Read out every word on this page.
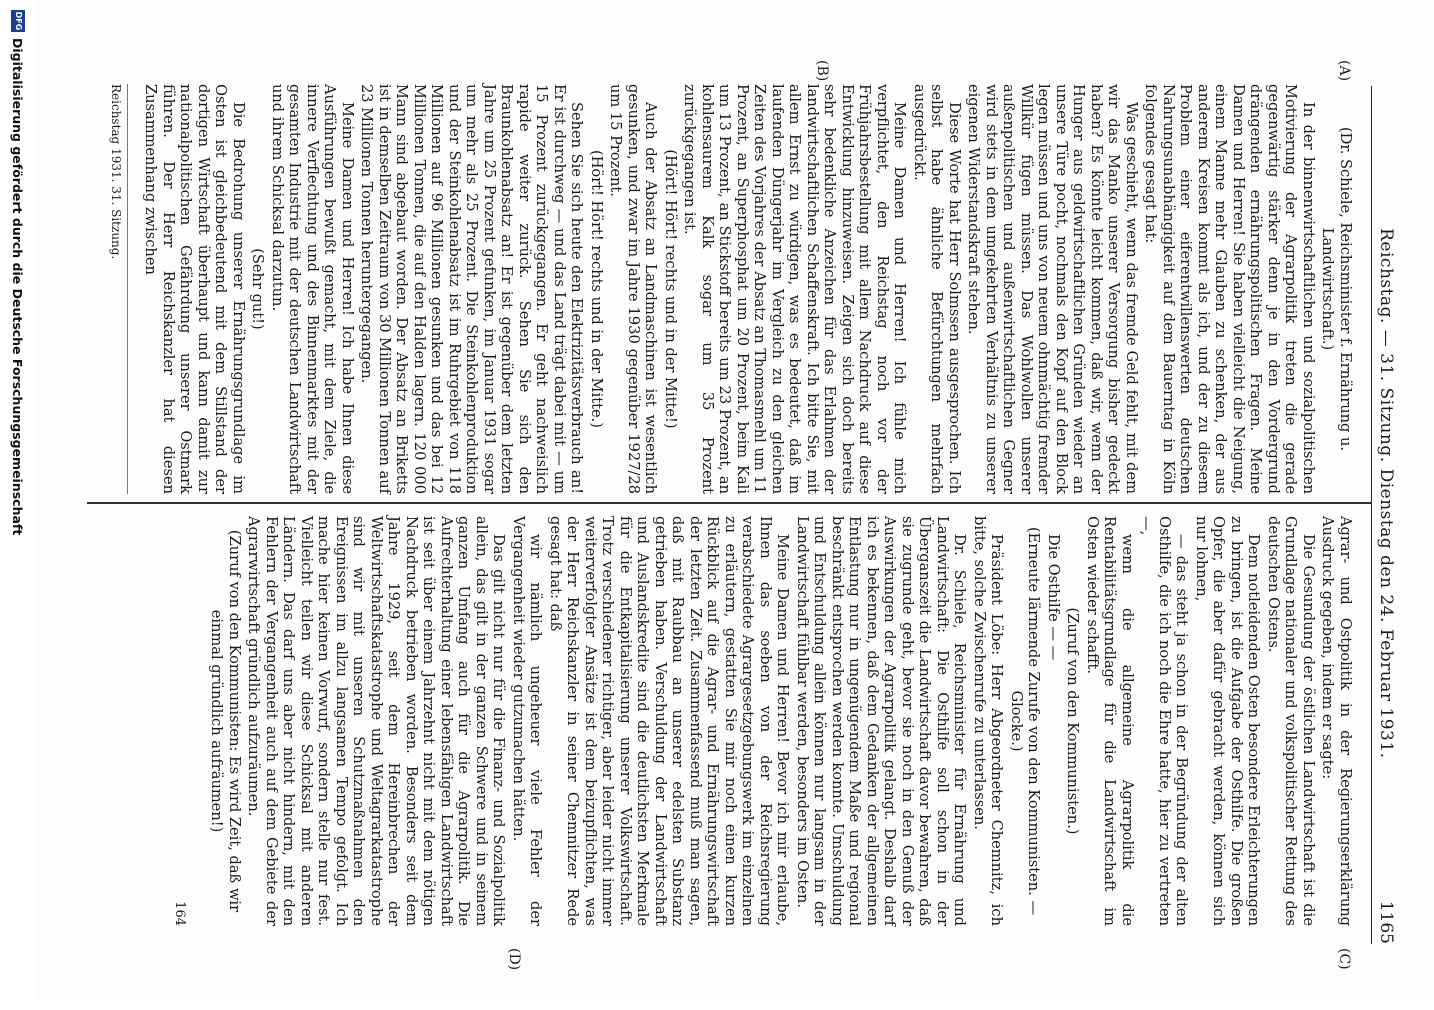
Reichstag. — 31. Sitzung. Dienstag den 24. Februar 1931.
1165
(A)
(B)
(C)
(D)

(Dr. Schiele, Reichsminister f. Ernährung u. Landwirtschaft.)

In der binnenwirtschaftlichen und sozialpolitischen Motivierung der Agrarpolitik treten die gerade gegenwärtig stärker denn je in den Vordergrund drängenden ernährungspolitischen Fragen. Meine Damen und Herren! Sie haben vielleicht die Neigung, einem Manne mehr Glauben zu schenken, der aus anderem Kreisen kommt als ich, und der zu diesem Problem einer eiferentwillenswerten deutschen Nahrungsunabhängigkeit auf dem Bauerntag in Köln folgendes gesagt hat:

Was geschieht, wenn das fremde Geld fehlt, mit dem wir das Manko unserer Versorgung bisher gedeckt haben? Es könnte leicht kommen, daß wir, wenn der Hunger aus geldwirtschaftlichen Gründen wieder an unsere Türe pocht, nochmals den Kopf auf den Block legen müssen und uns von neuem ohnmächtig fremder Willkür fügen müssen. Das Wohlwollen unserer außenpolitischen und außenwirtschaftlichen Gegner wird stets in dem umgekehrten Verhältnis zu unserer eigenen Widerstandskraft stehen.

Diese Worte hat Herr Solmssen ausgesprochen. Ich selbst habe ähnliche Befürchtungen mehrfach ausgedrückt.

Meine Damen und Herren! Ich fühle mich verpflichtet, den Reichstag noch vor der Frühjahrsbestellung mit allem Nachdruck auf diese Entwicklung hinzuweisen. Zeigen sich doch bereits sehr bedenkliche Anzeichen für das Erlahmen der landwirtschaftlichen Schaffenskraft. Ich bitte Sie, mit allem Ernst zu würdigen, was es bedeutet, daß im laufenden Düngerjahr im Vergleich zu den gleichen Zeiten des Vorjahres der Absatz an Thomasmehl um 11 Prozent, an Superphosphat um 20 Prozent, beim Kali um 13 Prozent, an Stickstoff bereits um 23 Prozent, an kohlensaurem Kalk sogar um 35 Prozent zurückgegangen ist.

(Hört! Hört! rechts und in der Mitte!)

Auch der Absatz an Landmaschinen ist wesentlich gesunken, und zwar im Jahre 1930 gegenüber 1927/28 um 15 Prozent.

(Hört! Hört! rechts und in der Mitte.)

Sehen Sie sich heute den Elektrizitätsverbrauch an! Er ist durchweg — und das Land trägt dabei mit — um 15 Prozent zurückgegangen. Er geht nachweislich rapide weiter zurück. Sehen Sie sich den Braunkohlenabsatz an! Er ist gegenüber dem letzten Jahre um 25 Prozent gefunken, im Januar 1931 sogar um mehr als 25 Prozent. Die Steinkohlenproduktion und der Steinkohlenabsatz ist im Ruhrgebiet von 118 Millionen auf 96 Millionen gesunken und das bei 12 Millionen Tonnen, die auf den Halden lagern. 120 000 Mann sind abgebaut worden. Der Absatz an Briketts ist in demselben Zeitraum von 30 Millionen Tonnen auf 23 Millionen Tonnen heruntergegangen.

Meine Damen und Herren! Ich habe Ihnen diese Ausführungen bewußt gemacht, mit dem Ziele, die innere Verflechtung und des Binnenmarktes mit der gesamten Industrie mit der deutschen Landwirtschaft und ihrem Schicksal darzutun.

(Sehr gut!)

Die Bedrohung unserer Ernährungsgrundlage im Osten ist gleichbedeutend mit dem Stillstand der dortigen Wirtschaft überhaupt und kann damit zur nationalpolitischen Gefährdung unserer Ostmark führen. Der Herr Reichskanzler hat diesen Zusammenhang zwischen

Reichstag 1931. 31. Sitzung.

Agrar- und Ostpolitik in der Regierungserklärung Ausdruck gegeben, indem er sagte:

Die Gesundung der östlichen Landwirtschaft ist die Grundlage nationaler und volkspolitischer Rettung des deutschen Ostens.

Dem notleidenden Osten besondere Erleichterungen zu bringen, ist die Aufgabe der Osthilfe. Die großen Opfer, die aber dafür gebracht werden, können sich nur lohnen,

— das steht ja schon in der Begründung der alten Osthilfe, die ich noch die Ehre hatte, hier zu vertreten —,

wenn die allgemeine Agrarpolitik die Rentabilitätsgrundlage für die Landwirtschaft im Osten wieder schafft.

(Zuruf von den Kommunisten.)

Die Osthilfe — —

(Erneute lärmende Zurufe von den Kommunisten. — Glocke.)

Präsident Löbe: Herr Abgeordneter Chemnitz, ich bitte, solche Zwischenrufe zu unterlassen.

Dr. Schiele, Reichsminister für Ernährung und Landwirtschaft: Die Osthilfe soll schon in der Überganszeit die Landwirtschaft davor bewahren, daß sie zugrunde geht, bevor sie noch in den Genuß der Auswirkungen der Agrarpolitik gelangt. Deshalb darf ich es bekennen, daß dem Gedanken der allgemeinen Entlastung nur in ungenügendem Maße und regional beschränkt entsprochen werden konnte. Umschuldung und Entschuldung allein können nur langsam in der Landwirtschaft fühlbar werden, besonders im Osten.

Meine Damen und Herren! Bevor ich mir erlaube, Ihnen das soeben von der Reichsregierung verabschiedete Agrargesetzgebungswerk im einzelnen zu erläutern, gestatten Sie mir noch einen kurzen Rückblick auf die Agrar- und Ernährungswirtschaft der letzten Zeit. Zusammenfassend muß man sagen, daß mit Raubbau an unserer edelsten Substanz getrieben haben. Verschuldung der Landwirtschaft und Auslandskredite sind die deutlichsten Merkmale für die Entkapitalisierung unserer Volkswirtschaft. Trotz verschiedener richtiger, aber leider nicht immer weiterverfolgter Ansätze ist dem beizupflichten, was der Herr Reichskanzler in seiner Chemnitzer Rede gesagt hat: daß

wir nämlich ungeheuer viele Fehler der Vergangenheit wieder gutzumachen hätten.

Das gilt nicht nur für die Finanz- und Sozialpolitik allein, das gilt in der ganzen Schwere und in seinem ganzen Umfang auch für die Agrarpolitik. Die Aufrechterhaltung einer lebensfähigen Landwirtschaft ist seit über einem Jahrzehnt nicht mit dem nötigen Nachdruck betrieben worden. Besonders seit dem Jahre 1929, seit dem Hereinbrechen der Weltwirtschaftskatastrophe und Weltagrarkatastrophe sind wir mit unseren Schutzmaßnahmen den Ereignissen im allzu langsamen Tempo gefolgt. Ich mache hier keinen Vorwurf, sondern stelle nur fest. Vielleicht teilen wir diese Schicksal mit anderen Ländern. Das darf uns aber nicht hindern, mit den Fehlern der Vergangenheit auch auf dem Gebiete der Agrarwirtschaft gründlich aufzuräumen.

(Zuruf von den Kommunisten: Es wird Zeit, daß wir einmal gründlich aufräumen!)

164

DFG
Digitalisierung gefördert durch die Deutsche Forschungsgemeinschaft
